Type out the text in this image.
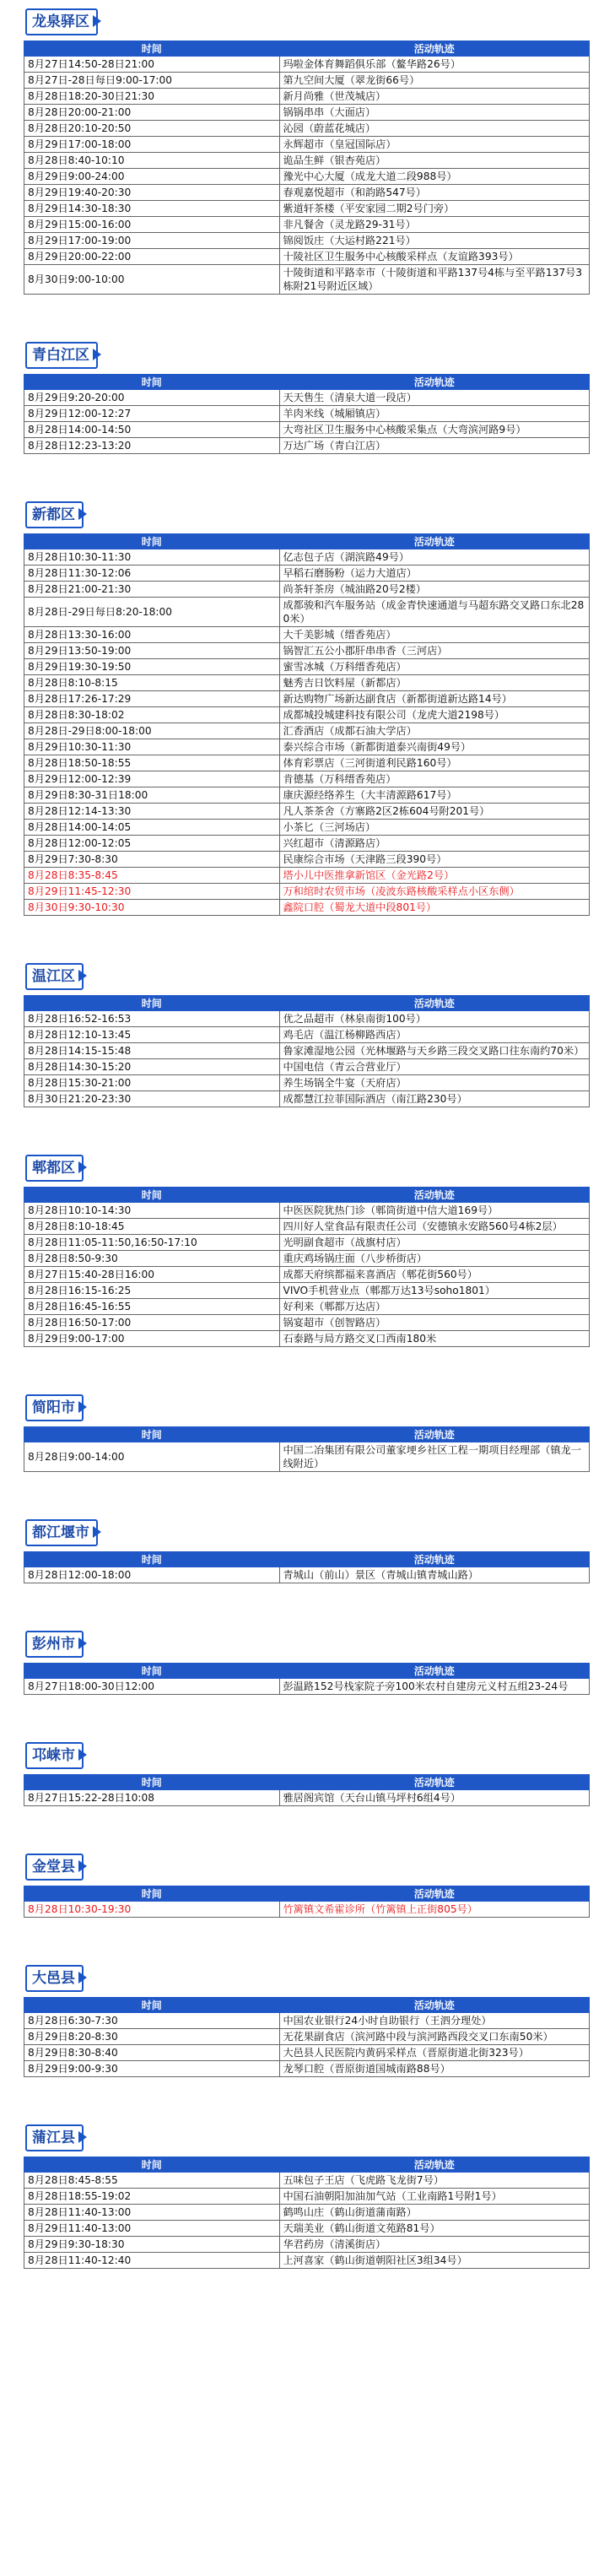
龙泉驿区
时间	活动轨迹
8月27日14:50-28日21:00	玛啦金体育舞蹈俱乐部（鳌华路26号）
8月27日-28日每日9:00-17:00	第九空间大厦（翠龙街66号）
8月28日18:20-30日21:30	新月尚雅（世茂城店）
8月28日20:00-21:00	锅锅串串（大面店）
8月28日20:10-20:50	沁园（蔚蓝花城店）
8月29日17:00-18:00	永辉超市（皇冠国际店）
8月28日8:40-10:10	诡品生鲜（银杏苑店）
8月29日9:00-24:00	豫光中心大厦（成龙大道二段988号）
8月29日19:40-20:30	春观嘉悦超市（和韵路547号）
8月29日14:30-18:30	紫道轩茶楼（平安家园二期2号门旁）
8月29日15:00-16:00	非凡餐舍（灵龙路29-31号）
8月29日17:00-19:00	锦阅饭庄（大运村路221号）
8月29日20:00-22:00	十陵社区卫生服务中心核酸采样点（友谊路393号）
8月30日9:00-10:00	十陵街道和平路幸市（十陵街道和平路137号4栋与至平路137号3栋附21号附近区域）
青白江区
时间	活动轨迹
8月29日9:20-20:00	天天售生（清泉大道一段店）
8月29日12:00-12:27	羊肉米线（城厢镇店）
8月28日14:00-14:50	大弯社区卫生服务中心核酸采集点（大弯滨河路9号）
8月28日12:23-13:20	万达广场（青白江店）
新都区
时间	活动轨迹
8月28日10:30-11:30	亿志包子店（湖滨路49号）
8月28日11:30-12:06	早稻石磨肠粉（运力大道店）
8月28日21:00-21:30	尚茶轩茶房（城油路20号2楼）
8月28日-29日每日8:20-18:00	成都骏和汽车服务站（成金青快速通道与马超东路交叉路口东北280米）
8月28日13:30-16:00	大千美影城（缙香苑店）
8月29日13:50-19:00	锅智汇五公小郡肝串串香（三河店）
8月29日19:30-19:50	蜜雪冰城（万科缙香苑店）
8月28日8:10-8:15	魅秀吉日饮料屋（新都店）
8月28日17:26-17:29	新达购物广场新达副食店（新都街道新达路14号）
8月28日8:30-18:02	成都城投城建科技有限公司（龙虎大道2198号）
8月28日-29日8:00-18:00	汇香酒店（成都石油大学店）
8月29日10:30-11:30	泰兴综合市场（新都街道泰兴南街49号）
8月28日18:50-18:55	体育彩票店（三河街道利民路160号）
8月29日12:00-12:39	肯德基（万科缙香苑店）
8月29日8:30-31日18:00	康庆源经络养生（大丰清源路617号）
8月28日12:14-13:30	凡人茶茶舍（方寨路2区2栋604号附201号）
8月28日14:00-14:05	小茶匕（三河场店）
8月28日12:00-12:05	兴红超市（清源路店）
8月29日7:30-8:30	民康综合市场（天津路三段390号）
8月28日8:35-8:45	塔小儿中医推拿新馆区（金光路2号）
8月29日11:45-12:30	万和绾时农贸市场（凌波东路核酸采样点小区东侧）
8月30日9:30-10:30	鑫院口腔（蜀龙大道中段801号）
温江区
时间	活动轨迹
8月28日16:52-16:53	优之品超市（林泉南街100号）
8月28日12:10-13:45	鸡毛店（温江杨柳路西店）
8月28日14:15-15:48	鲁家滩湿地公园（光林堰路与天乡路三段交叉路口往东南约70米）
8月28日14:30-15:20	中国电信（青云合营业厅）
8月28日15:30-21:00	养生场锅全牛宴（天府店）
8月30日21:20-23:30	成都慧江拉菲国际酒店（南江路230号）
郫都区
时间	活动轨迹
8月28日10:10-14:30	中医医院犹热门诊（郫筒街道中信大道169号）
8月28日8:10-18:45	四川好人堂食品有限责任公司（安德镇永安路560号4栋2层）
8月28日11:05-11:50,16:50-17:10	光明副食超市（战旗村店）
8月28日8:50-9:30	重庆鸡场锅庄面（八步桥街店）
8月27日15:40-28日16:00	成都天府缤都福来喜酒店（郫花街560号）
8月28日16:15-16:25	VIVO手机营业点（郫都万达13号soho1801）
8月28日16:45-16:55	好利来（郫都万达店）
8月28日16:50-17:00	锅宴超市（创智路店）
8月29日9:00-17:00	石泰路与局方路交叉口西南180米
简阳市
时间	活动轨迹
8月28日9:00-14:00	中国二冶集团有限公司董家埂乡社区工程一期项目经理部（镇龙一线附近）
都江堰市
时间	活动轨迹
8月28日12:00-18:00	青城山（前山）景区（青城山镇青城山路）
彭州市
时间	活动轨迹
8月27日18:00-30日12:00	彭温路152号栈家院子旁100米农村自建房元义村五组23-24号
邛崃市
时间	活动轨迹
8月27日15:22-28日10:08	雅居阁宾馆（天台山镇马坪村6组4号）
金堂县
时间	活动轨迹
8月28日10:30-19:30	竹篱镇文希霍诊所（竹篱镇上正街805号）
大邑县
时间	活动轨迹
8月28日6:30-7:30	中国农业银行24小时自助银行（王泗分理处）
8月29日8:20-8:30	无花果副食店（滨河路中段与滨河路西段交叉口东南50米）
8月29日8:30-8:40	大邑县人民医院内黄码采样点（晋原街道北街323号）
8月29日9:00-9:30	龙琴口腔（晋原街道国城南路88号）
蒲江县
时间	活动轨迹
8月28日8:45-8:55	五味包子王店（飞虎路飞龙街7号）
8月28日18:55-19:02	中国石油朝阳加油加气站（工业南路1号附1号）
8月28日11:40-13:00	鹤鸣山庄（鹤山街道蒲南路）
8月29日11:40-13:00	天瑞美业（鹤山街道文苑路81号）
8月29日9:30-18:30	华君药房（清溪街店）
8月28日11:40-12:40	上河喜家（鹤山街道朝阳社区3组34号）
